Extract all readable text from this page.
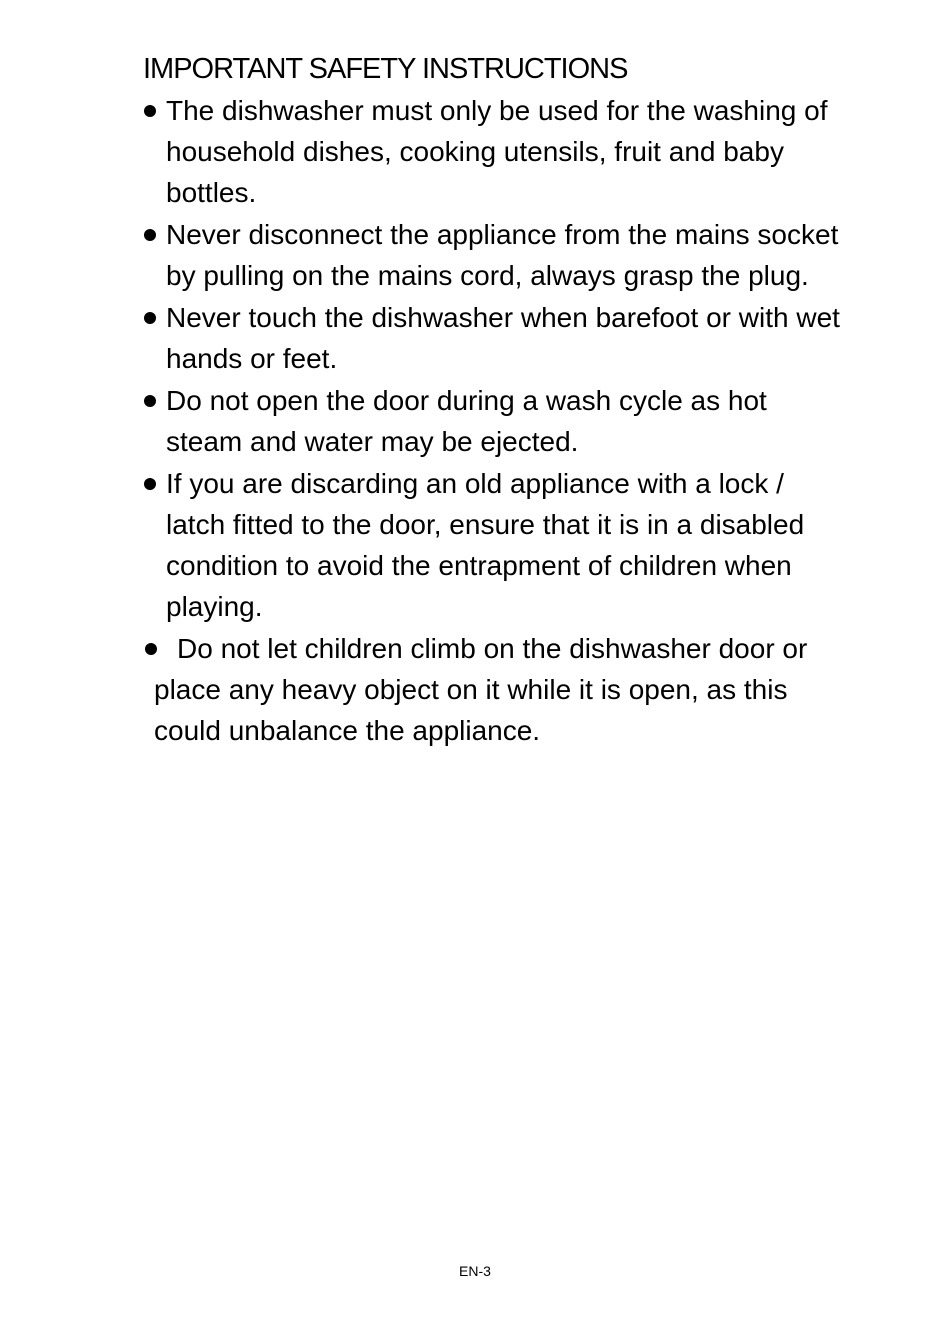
IMPORTANT SAFETY INSTRUCTIONS
The dishwasher must only be used for the washing of household dishes, cooking utensils, fruit and baby bottles.
Never disconnect the appliance from the mains socket by pulling on the mains cord, always grasp the plug.
Never touch the dishwasher when barefoot or with wet hands or feet.
Do not open the door during a wash cycle as hot steam and water may be ejected.
If you are discarding an old appliance with a lock / latch fitted to the door, ensure that it is in a disabled condition to avoid the entrapment of children when playing.
Do not let children climb on the dishwasher door or place any heavy object on it while it is open, as this could unbalance the appliance.
EN-3
